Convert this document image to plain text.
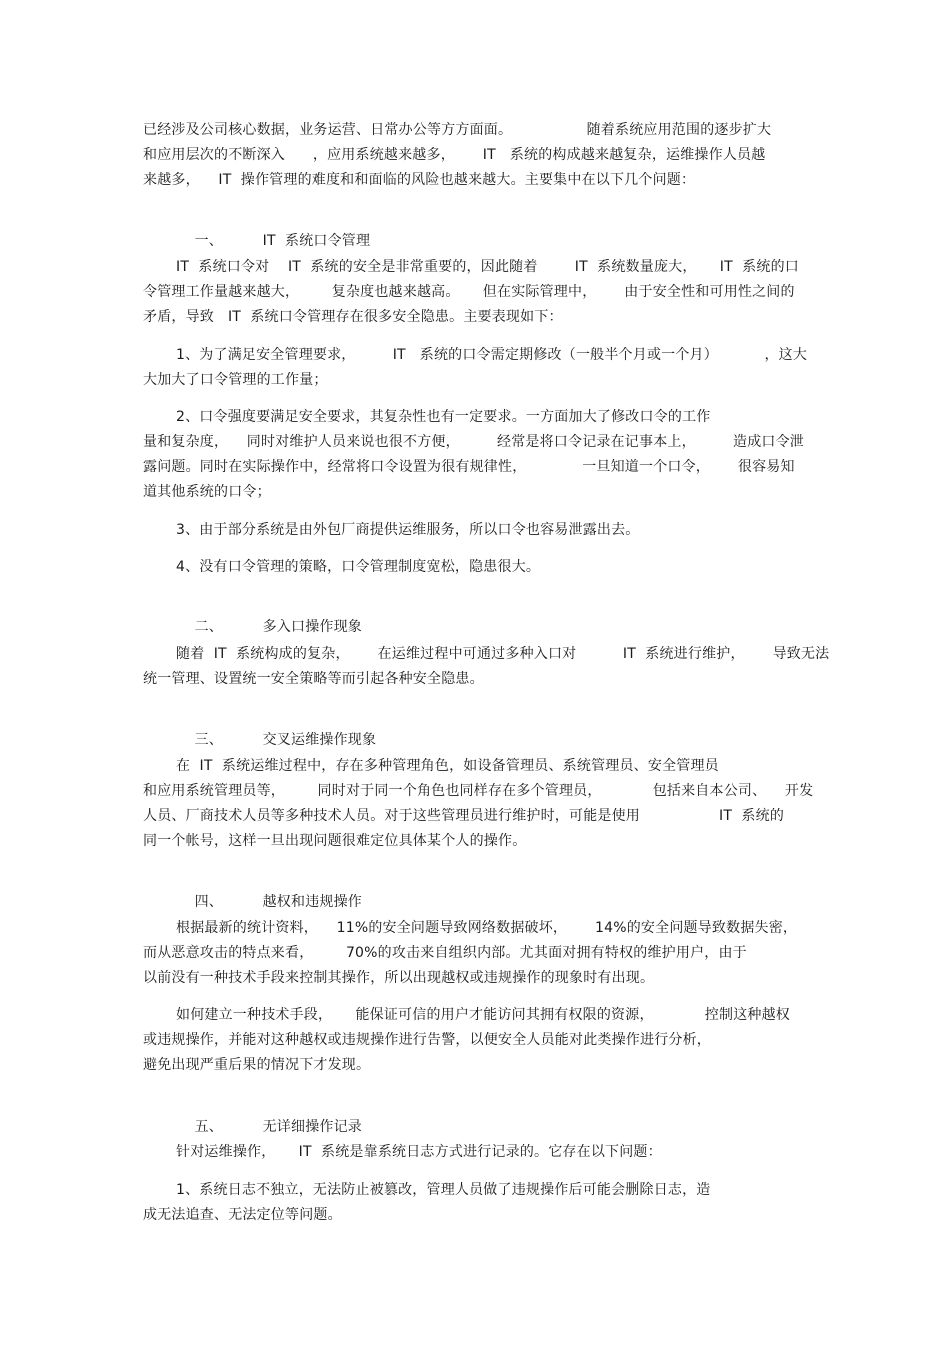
已经涉及公司核心数据，业务运营、日常办公等方方面面。                随着系统应用范围的逐步扩大
和应用层次的不断深入      ，应用系统越来越多，      IT   系统的构成越来越复杂，运维操作人员越
来越多，    IT  操作管理的难度和和面临的风险也越来越大。主要集中在以下几个问题：

一、	IT  系统口令管理

IT  系统口令对    IT  系统的安全是非常重要的，因此随着        IT  系统数量庞大，     IT  系统的口
令管理工作量越来越大，       复杂度也越来越高。     但在实际管理中，      由于安全性和可用性之间的
矛盾，导致   IT  系统口令管理存在很多安全隐患。主要表现如下：
1、为了满足安全管理要求，        IT   系统的口令需定期修改（一般半个月或一个月）          ，这大
大加大了口令管理的工作量；
2、口令强度要满足安全要求，其复杂性也有一定要求。一方面加大了修改口令的工作
量和复杂度，    同时对维护人员来说也很不方便，        经常是将口令记录在记事本上，        造成口令泄
露问题。同时在实际操作中，经常将口令设置为很有规律性，            一旦知道一个口令，      很容易知
道其他系统的口令；
3、由于部分系统是由外包厂商提供运维服务，所以口令也容易泄露出去。
4、没有口令管理的策略，口令管理制度宽松，隐患很大。

二、	多入口操作现象

随着  IT  系统构成的复杂，      在运维过程中可通过多种入口对          IT  系统进行维护，      导致无法
统一管理、设置统一安全策略等而引起各种安全隐患。

三、	交叉运维操作现象

在  IT  系统运维过程中，存在多种管理角色，如设备管理员、系统管理员、安全管理员
和应用系统管理员等，       同时对于同一个角色也同样存在多个管理员，           包括来自本公司、    开发
人员、厂商技术人员等多种技术人员。对于这些管理员进行维护时，可能是使用                 IT  系统的
同一个帐号，这样一旦出现问题很难定位具体某个人的操作。

四、	越权和违规操作

根据最新的统计资料，    11%的安全问题导致网络数据破坏，      14%的安全问题导致数据失密，
而从恶意攻击的特点来看，       70%的攻击来自组织内部。尤其面对拥有特权的维护用户，由于
以前没有一种技术手段来控制其操作，所以出现越权或违规操作的现象时有出现。
如何建立一种技术手段，     能保证可信的用户才能访问其拥有权限的资源，           控制这种越权
或违规操作，并能对这种越权或违规操作进行告警，以便安全人员能对此类操作进行分析，
避免出现严重后果的情况下才发现。

五、	无详细操作记录

针对运维操作，     IT  系统是靠系统日志方式进行记录的。它存在以下问题：
1、系统日志不独立，无法防止被篡改，管理人员做了违规操作后可能会删除日志，造
成无法追查、无法定位等问题。
